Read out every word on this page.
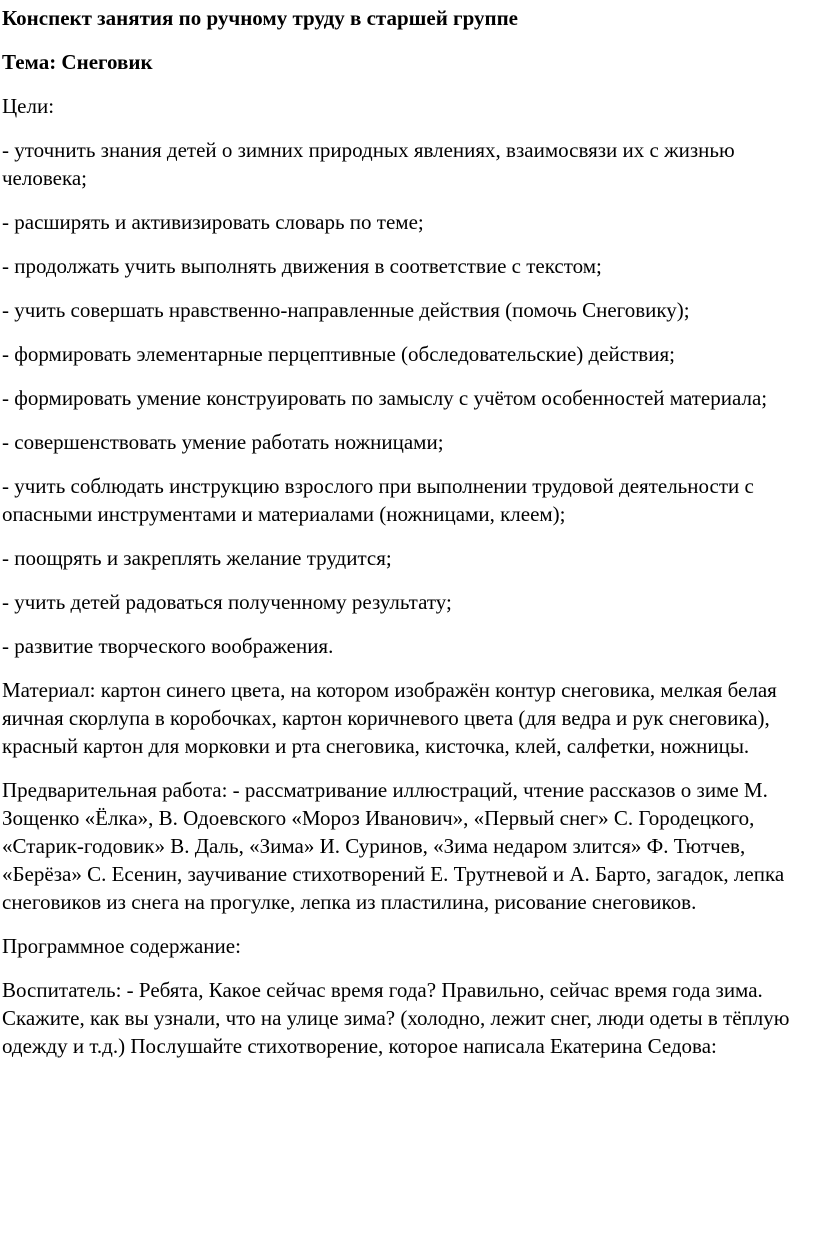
Конспект занятия по ручному труду в старшей группе

Тема: Снеговик

Цели:

- уточнить знания детей о зимних природных явлениях, взаимосвязи их с жизнью человека;

- расширять и активизировать словарь по теме;

- продолжать учить выполнять движения в соответствие с текстом;

- учить совершать нравственно-направленные действия (помочь Снеговику);

- формировать элементарные перцептивные (обследовательские) действия;

- формировать умение конструировать по замыслу с учётом особенностей материала;

- совершенствовать умение работать ножницами;

- учить соблюдать инструкцию взрослого при выполнении трудовой деятельности с опасными инструментами и материалами (ножницами, клеем);

- поощрять и закреплять желание трудится;

- учить детей радоваться полученному результату;

- развитие творческого воображения.

Материал: картон синего цвета, на котором изображён контур снеговика, мелкая белая яичная скорлупа в коробочках, картон коричневого цвета (для ведра и рук снеговика), красный картон для морковки и рта снеговика, кисточка, клей, салфетки, ножницы.

Предварительная работа: - рассматривание иллюстраций, чтение рассказов о зиме М. Зощенко «Ёлка», В. Одоевского «Мороз Иванович», «Первый снег» С. Городецкого, «Старик-годовик» В. Даль, «Зима» И. Суринов, «Зима недаром злится» Ф. Тютчев, «Берёза» С. Есенин, заучивание стихотворений Е. Трутневой и А. Барто, загадок, лепка снеговиков из снега на прогулке, лепка из пластилина, рисование снеговиков.

Программное содержание:

Воспитатель: - Ребята, Какое сейчас время года? Правильно, сейчас время года зима. Скажите, как вы узнали, что на улице зима? (холодно, лежит снег, люди одеты в тёплую одежду и т.д.) Послушайте стихотворение, которое написала Екатерина Седова:
